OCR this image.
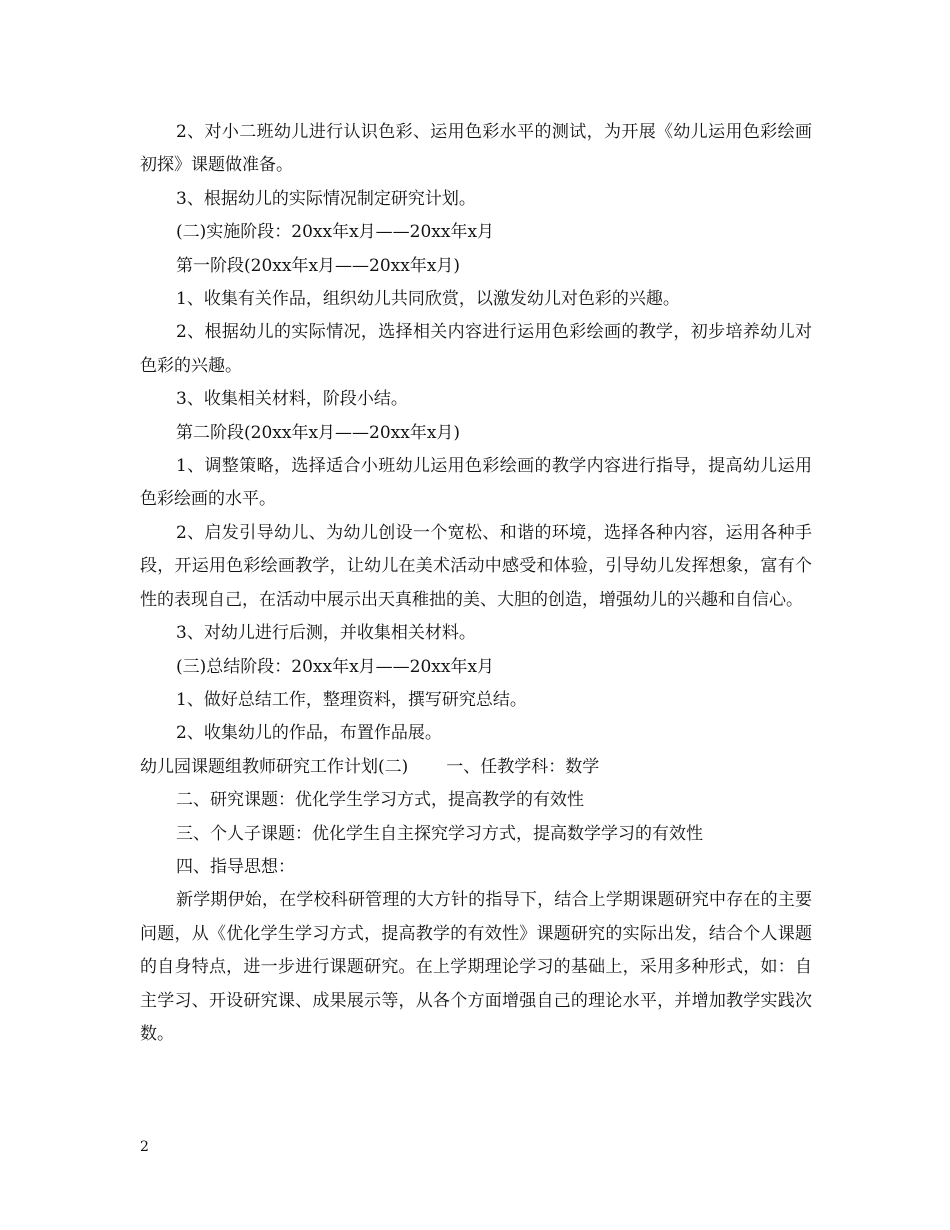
2、对小二班幼儿进行认识色彩、运用色彩水平的测试，为开展《幼儿运用色彩绘画初探》课题做准备。

3、根据幼儿的实际情况制定研究计划。

(二)实施阶段：20xx年x月——20xx年x月

第一阶段(20xx年x月——20xx年x月)

1、收集有关作品，组织幼儿共同欣赏，以激发幼儿对色彩的兴趣。

2、根据幼儿的实际情况，选择相关内容进行运用色彩绘画的教学，初步培养幼儿对色彩的兴趣。

3、收集相关材料，阶段小结。

第二阶段(20xx年x月——20xx年x月)

1、调整策略，选择适合小班幼儿运用色彩绘画的教学内容进行指导，提高幼儿运用色彩绘画的水平。

2、启发引导幼儿、为幼儿创设一个宽松、和谐的环境，选择各种内容，运用各种手段，开运用色彩绘画教学，让幼儿在美术活动中感受和体验，引导幼儿发挥想象，富有个性的表现自己，在活动中展示出天真稚拙的美、大胆的创造，增强幼儿的兴趣和自信心。

3、对幼儿进行后测，并收集相关材料。

(三)总结阶段：20xx年x月——20xx年x月

1、做好总结工作，整理资料，撰写研究总结。

2、收集幼儿的作品，布置作品展。

幼儿园课题组教师研究工作计划(二) 一、任教学科：数学

二、研究课题：优化学生学习方式，提高教学的有效性

三、个人子课题：优化学生自主探究学习方式，提高数学学习的有效性

四、指导思想：

新学期伊始，在学校科研管理的大方针的指导下，结合上学期课题研究中存在的主要问题，从《优化学生学习方式，提高教学的有效性》课题研究的实际出发，结合个人课题的自身特点，进一步进行课题研究。在上学期理论学习的基础上，采用多种形式，如：自主学习、开设研究课、成果展示等，从各个方面增强自己的理论水平，并增加教学实践次数。

2
